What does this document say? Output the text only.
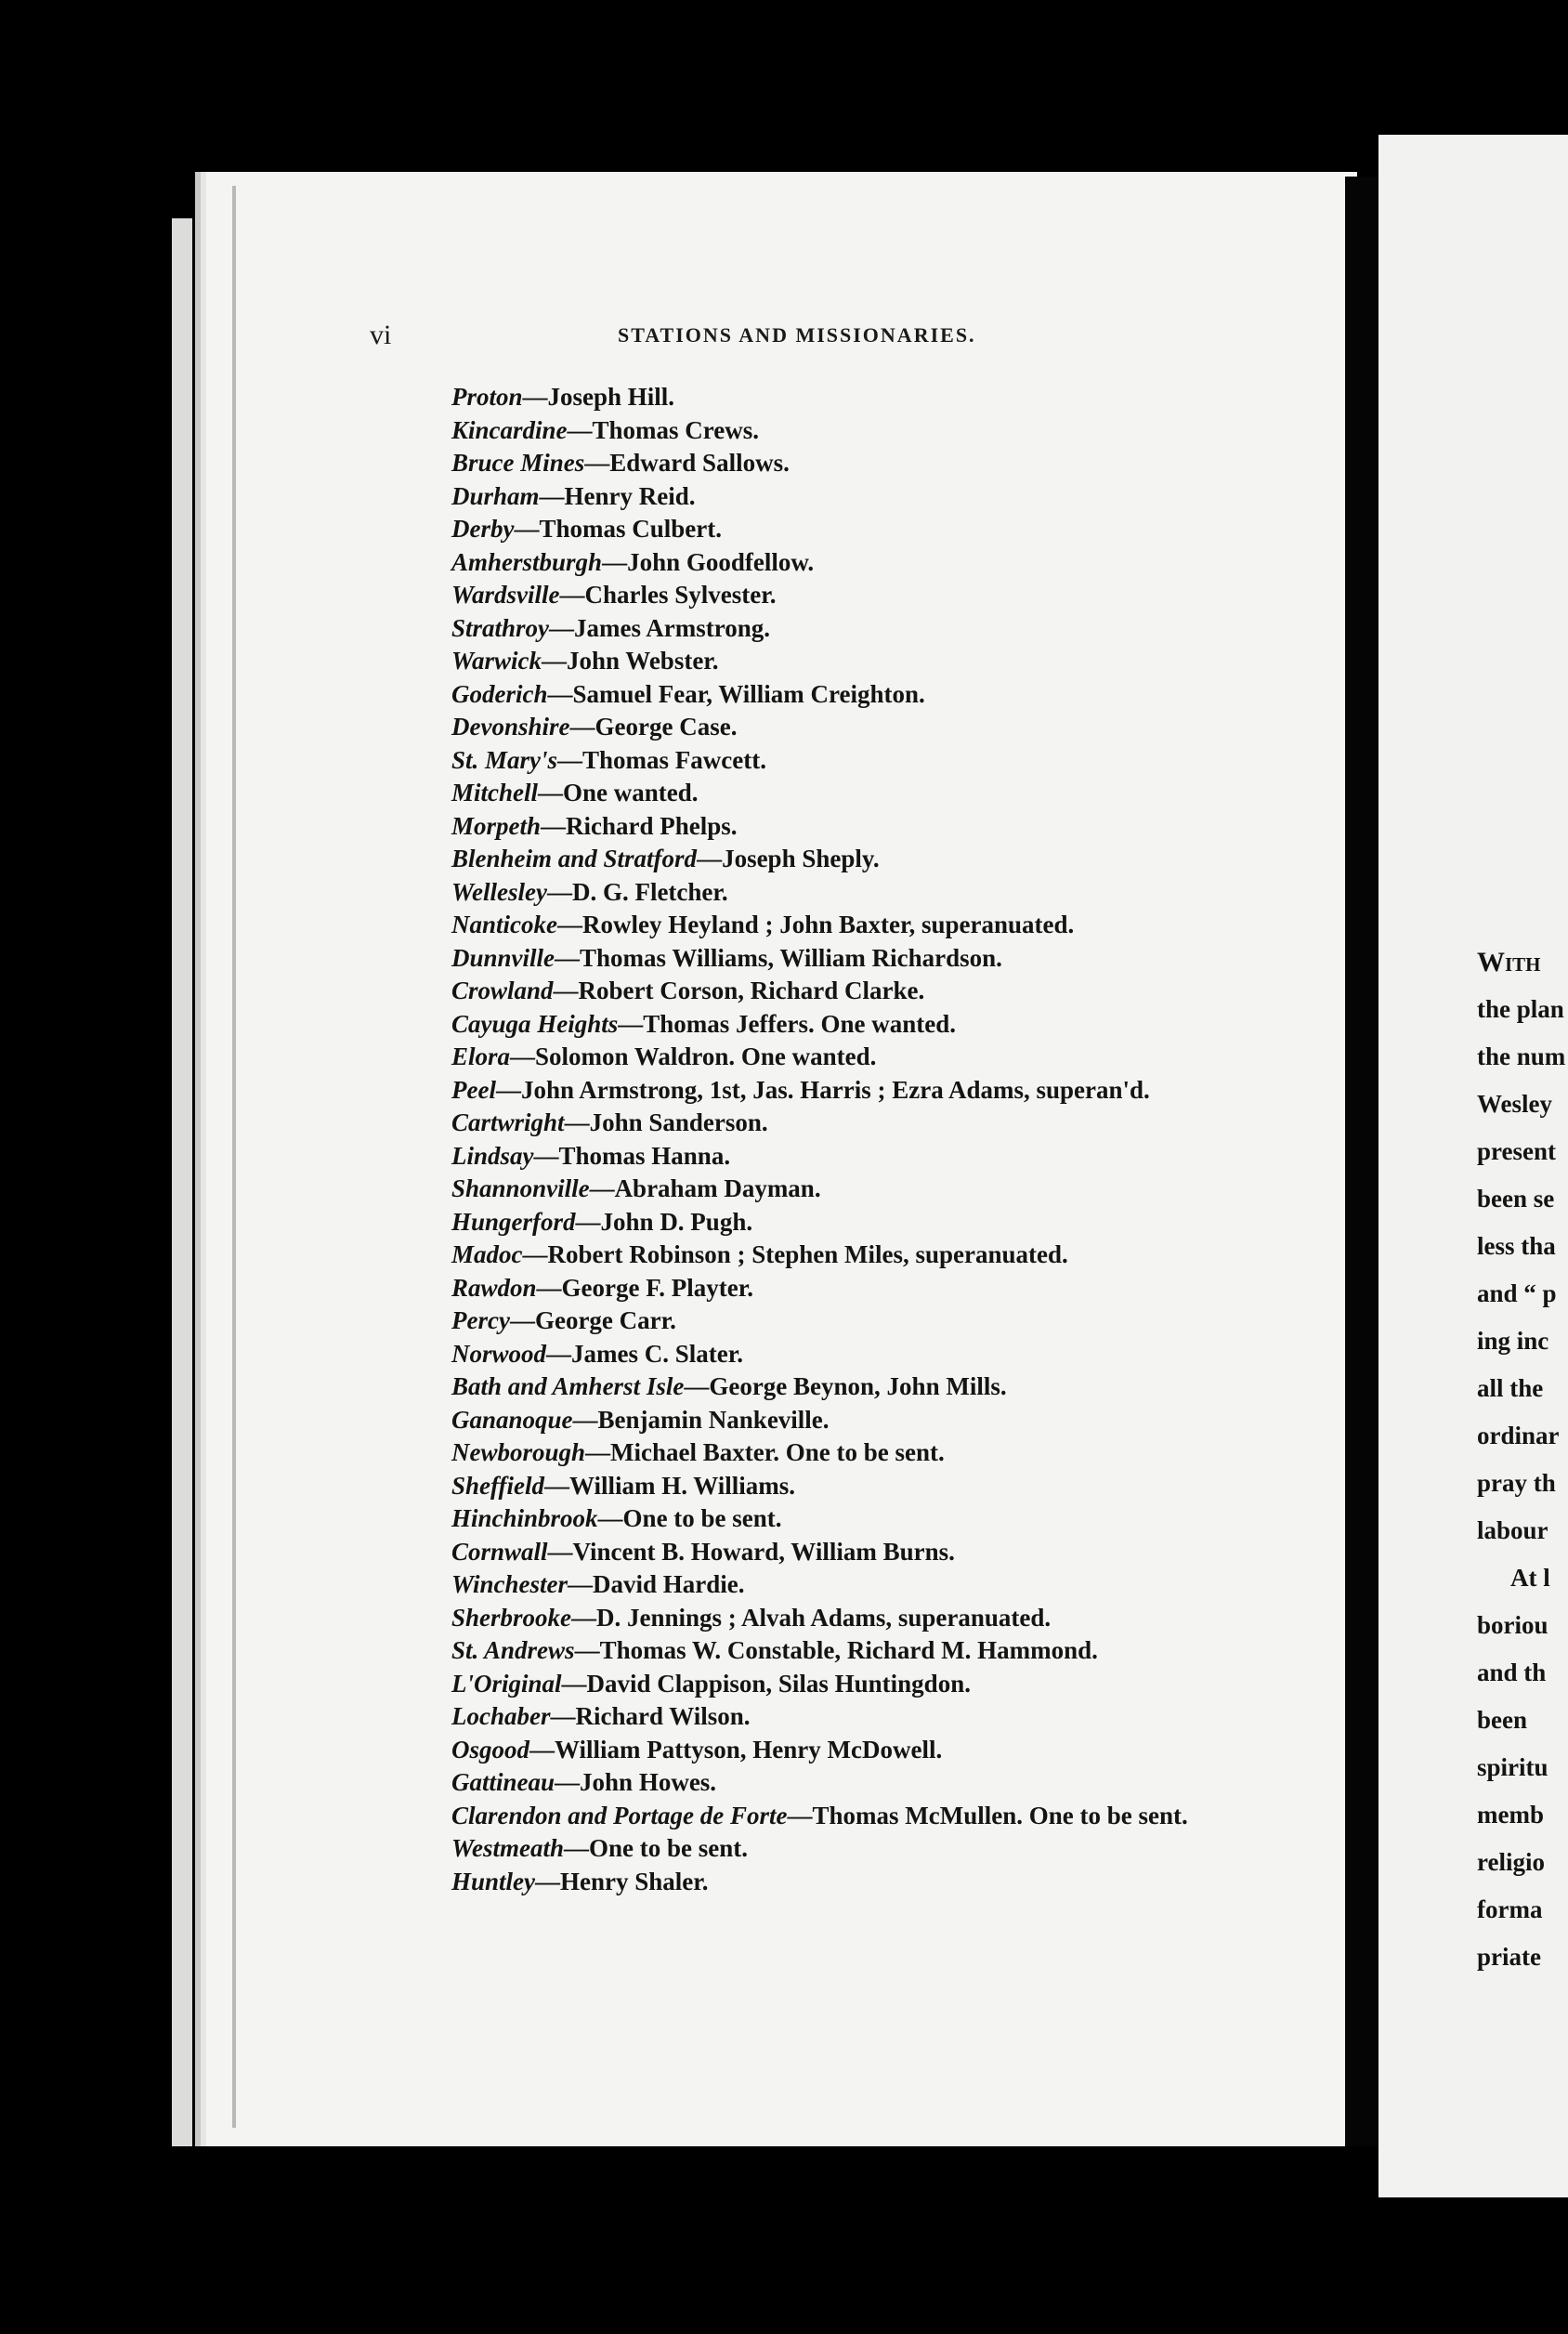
vi	STATIONS AND MISSIONARIES.
Proton—Joseph Hill.
Kincardine—Thomas Crews.
Bruce Mines—Edward Sallows.
Durham—Henry Reid.
Derby—Thomas Culbert.
Amherstburgh—John Goodfellow.
Wardsville—Charles Sylvester.
Strathroy—James Armstrong.
Warwick—John Webster.
Goderich—Samuel Fear, William Creighton.
Devonshire—George Case.
St. Mary's—Thomas Fawcett.
Mitchell—One wanted.
Morpeth—Richard Phelps.
Blenheim and Stratford—Joseph Sheply.
Wellesley—D. G. Fletcher.
Nanticoke—Rowley Heyland ; John Baxter, superanuated.
Dunnville—Thomas Williams, William Richardson.
Crowland—Robert Corson, Richard Clarke.
Cayuga Heights—Thomas Jeffers. One wanted.
Elora—Solomon Waldron. One wanted.
Peel—John Armstrong, 1st, Jas. Harris ; Ezra Adams, superan'd.
Cartwright—John Sanderson.
Lindsay—Thomas Hanna.
Shannonville—Abraham Dayman.
Hungerford—John D. Pugh.
Madoc—Robert Robinson ; Stephen Miles, superanuated.
Rawdon—George F. Playter.
Percy—George Carr.
Norwood—James C. Slater.
Bath and Amherst Isle—George Beynon, John Mills.
Gananoque—Benjamin Nankeville.
Newborough—Michael Baxter. One to be sent.
Sheffield—William H. Williams.
Hinchinbrook—One to be sent.
Cornwall—Vincent B. Howard, William Burns.
Winchester—David Hardie.
Sherbrooke—D. Jennings ; Alvah Adams, superanuated.
St. Andrews—Thomas W. Constable, Richard M. Hammond.
L'Original—David Clappison, Silas Huntingdon.
Lochaber—Richard Wilson.
Osgood—William Pattyson, Henry McDowell.
Gattineau—John Howes.
Clarendon and Portage de Forte—Thomas McMullen. One to be sent.
Westmeath—One to be sent.
Huntley—Henry Shaler.
With
the plan
the num
Wesley
present
been se
less tha
and “ p
ing inc
all the
ordinar
pray th
labour
At l
boriou
and th
been
spiritu
memb
religio
forma
priate
